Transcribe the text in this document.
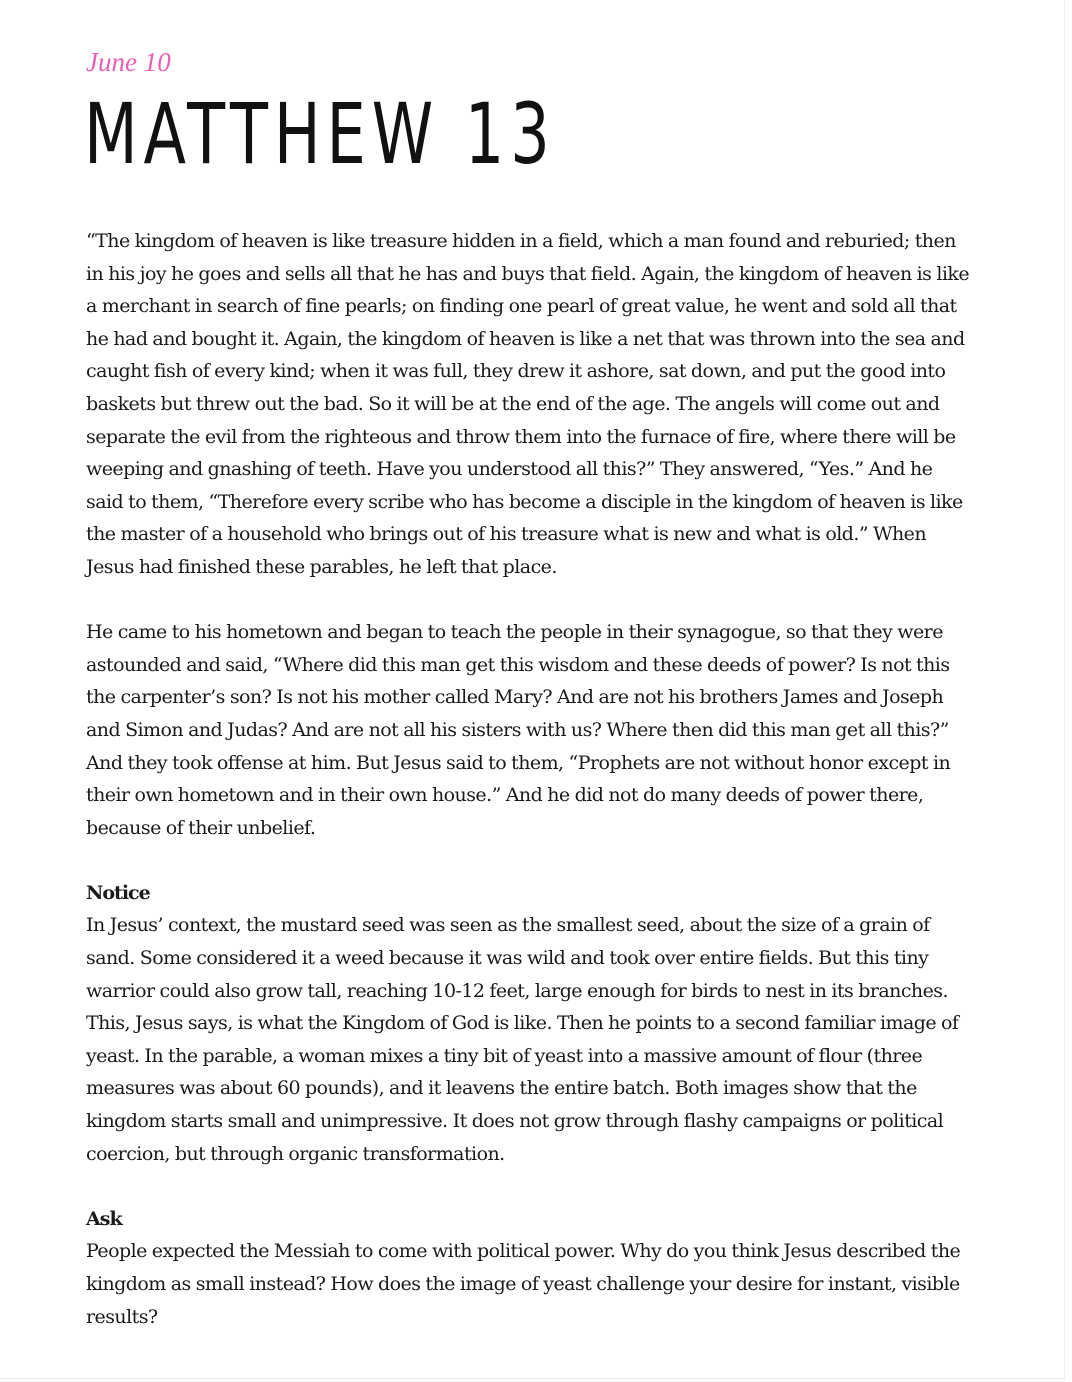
June 10

MATTHEW 13

“The kingdom of heaven is like treasure hidden in a field, which a man found and reburied; then in his joy he goes and sells all that he has and buys that field. Again, the kingdom of heaven is like a merchant in search of fine pearls; on finding one pearl of great value, he went and sold all that he had and bought it. Again, the kingdom of heaven is like a net that was thrown into the sea and caught fish of every kind; when it was full, they drew it ashore, sat down, and put the good into baskets but threw out the bad. So it will be at the end of the age. The angels will come out and separate the evil from the righteous and throw them into the furnace of fire, where there will be weeping and gnashing of teeth. Have you understood all this?” They answered, “Yes.” And he said to them, “Therefore every scribe who has become a disciple in the kingdom of heaven is like the master of a household who brings out of his treasure what is new and what is old.” When Jesus had finished these parables, he left that place.

He came to his hometown and began to teach the people in their synagogue, so that they were astounded and said, “Where did this man get this wisdom and these deeds of power? Is not this the carpenter’s son? Is not his mother called Mary? And are not his brothers James and Joseph and Simon and Judas? And are not all his sisters with us? Where then did this man get all this?” And they took offense at him. But Jesus said to them, “Prophets are not without honor except in their own hometown and in their own house.” And he did not do many deeds of power there, because of their unbelief.

Notice

In Jesus’ context, the mustard seed was seen as the smallest seed, about the size of a grain of sand. Some considered it a weed because it was wild and took over entire fields. But this tiny warrior could also grow tall, reaching 10-12 feet, large enough for birds to nest in its branches. This, Jesus says, is what the Kingdom of God is like. Then he points to a second familiar image of yeast. In the parable, a woman mixes a tiny bit of yeast into a massive amount of flour (three measures was about 60 pounds), and it leavens the entire batch. Both images show that the kingdom starts small and unimpressive. It does not grow through flashy campaigns or political coercion, but through organic transformation.

Ask

People expected the Messiah to come with political power. Why do you think Jesus described the kingdom as small instead? How does the image of yeast challenge your desire for instant, visible results?
